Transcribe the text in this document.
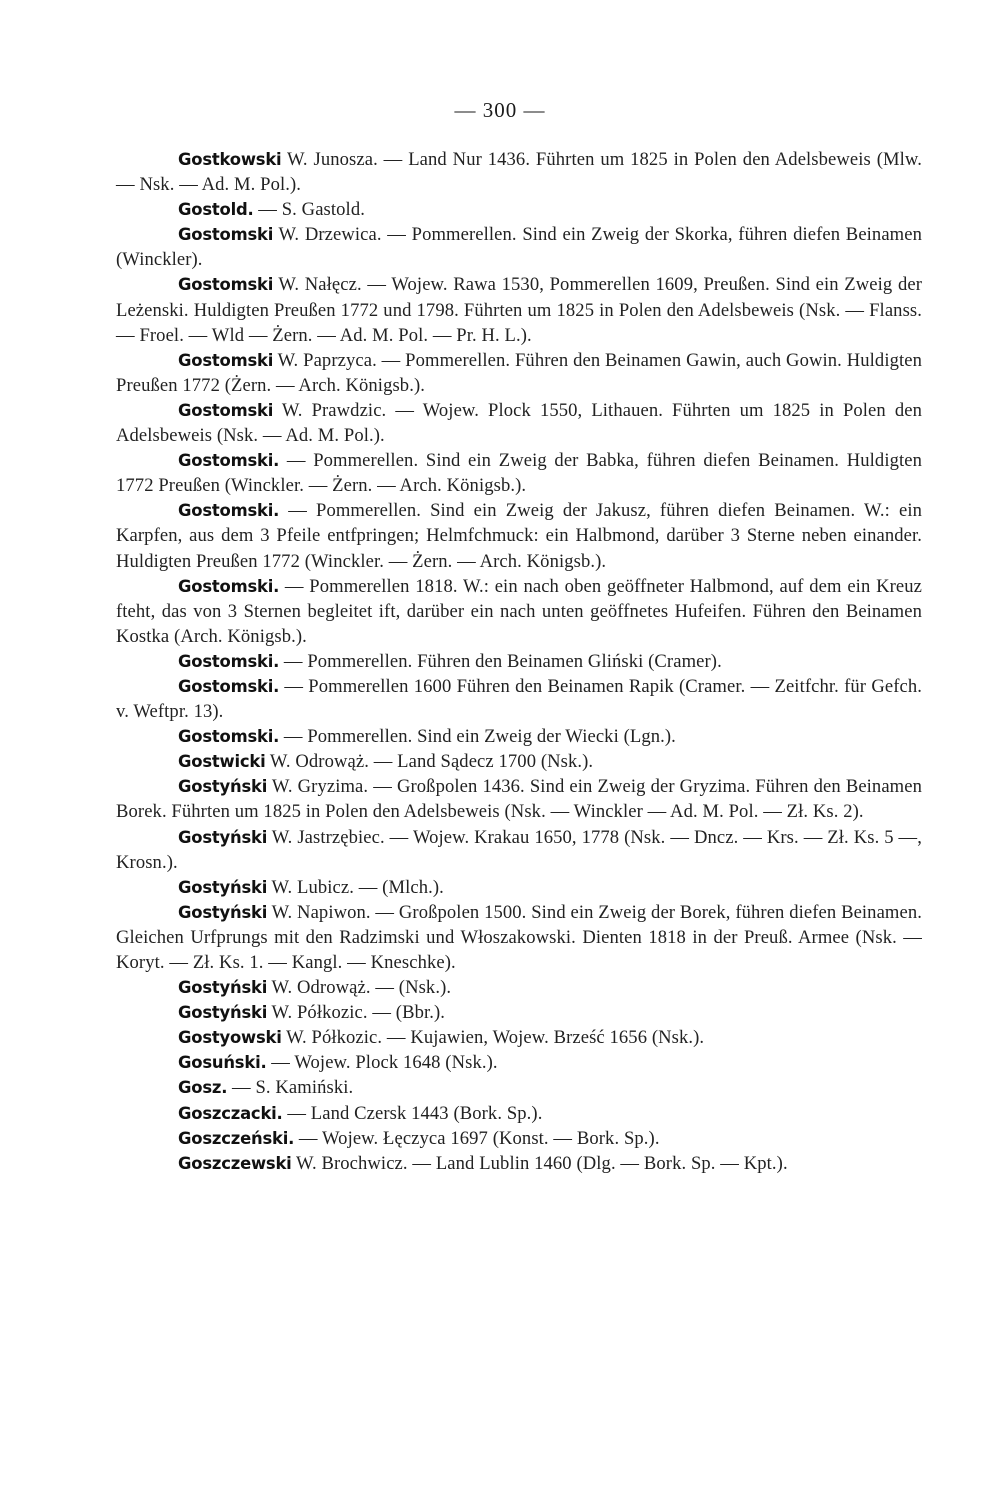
— 300 —

Gostkowski W. Junosza. — Land Nur 1436. Führten um 1825 in Polen den Adelsbeweis (Mlw. — Nsk. — Ad. M. Pol.).

Gostold. — S. Gastold.

Gostomski W. Drzewica. — Pommerellen. Sind ein Zweig der Skorka, führen diefen Beinamen (Winckler).

Gostomski W. Nałęcz. — Wojew. Rawa 1530, Pommerellen 1609, Preußen. Sind ein Zweig der Leżenski. Huldigten Preußen 1772 und 1798. Führten um 1825 in Polen den Adelsbeweis (Nsk. — Flanss. — Froel. — Wld — Żern. — Ad. M. Pol. — Pr. H. L.).

Gostomski W. Paprzyca. — Pommerellen. Führen den Beinamen Gawin, auch Gowin. Huldigten Preußen 1772 (Żern. — Arch. Königsb.).

Gostomski W. Prawdzic. — Wojew. Plock 1550, Lithauen. Führten um 1825 in Polen den Adelsbeweis (Nsk. — Ad. M. Pol.).

Gostomski. — Pommerellen. Sind ein Zweig der Babka, führen diefen Beinamen. Huldigten 1772 Preußen (Winckler. — Żern. — Arch. Königsb.).

Gostomski. — Pommerellen. Sind ein Zweig der Jakusz, führen diefen Beinamen. W.: ein Karpfen, aus dem 3 Pfeile entfpringen; Helmfchmuck: ein Halbmond, darüber 3 Sterne neben einander. Huldigten Preußen 1772 (Winckler. — Żern. — Arch. Königsb.).

Gostomski. — Pommerellen 1818. W.: ein nach oben geöffneter Halbmond, auf dem ein Kreuz fteht, das von 3 Sternen begleitet ift, darüber ein nach unten geöffnetes Hufeifen. Führen den Beinamen Kostka (Arch. Königsb.).

Gostomski. — Pommerellen. Führen den Beinamen Gliński (Cramer).

Gostomski. — Pommerellen 1600 Führen den Beinamen Rapik (Cramer. — Zeitfchr. für Gefch. v. Weftpr. 13).

Gostomski. — Pommerellen. Sind ein Zweig der Wiecki (Lgn.).

Gostwicki W. Odrowąż. — Land Sądecz 1700 (Nsk.).

Gostyński W. Gryzima. — Großpolen 1436. Sind ein Zweig der Gryzima. Führen den Beinamen Borek. Führten um 1825 in Polen den Adelsbeweis (Nsk. — Winckler — Ad. M. Pol. — Zł. Ks. 2).

Gostyński W. Jastrzębiec. — Wojew. Krakau 1650, 1778 (Nsk. — Dncz. — Krs. — Zł. Ks. 5 —, Krosn.).

Gostyński W. Lubicz. — (Mlch.).

Gostyński W. Napiwon. — Großpolen 1500. Sind ein Zweig der Borek, führen diefen Beinamen. Gleichen Urfprungs mit den Radzimski und Włoszakowski. Dienten 1818 in der Preuß. Armee (Nsk. — Koryt. — Zł. Ks. 1. — Kangl. — Kneschke).

Gostyński W. Odrowąż. — (Nsk.).

Gostyński W. Półkozic. — (Bbr.).

Gostyowski W. Półkozic. — Kujawien, Wojew. Brześć 1656 (Nsk.).

Gosuński. — Wojew. Plock 1648 (Nsk.).

Gosz. — S. Kamiński.

Goszczacki. — Land Czersk 1443 (Bork. Sp.).

Goszczeński. — Wojew. Łęczyca 1697 (Konst. — Bork. Sp.).

Goszczewski W. Brochwicz. — Land Lublin 1460 (Dlg. — Bork. Sp. — Kpt.).
